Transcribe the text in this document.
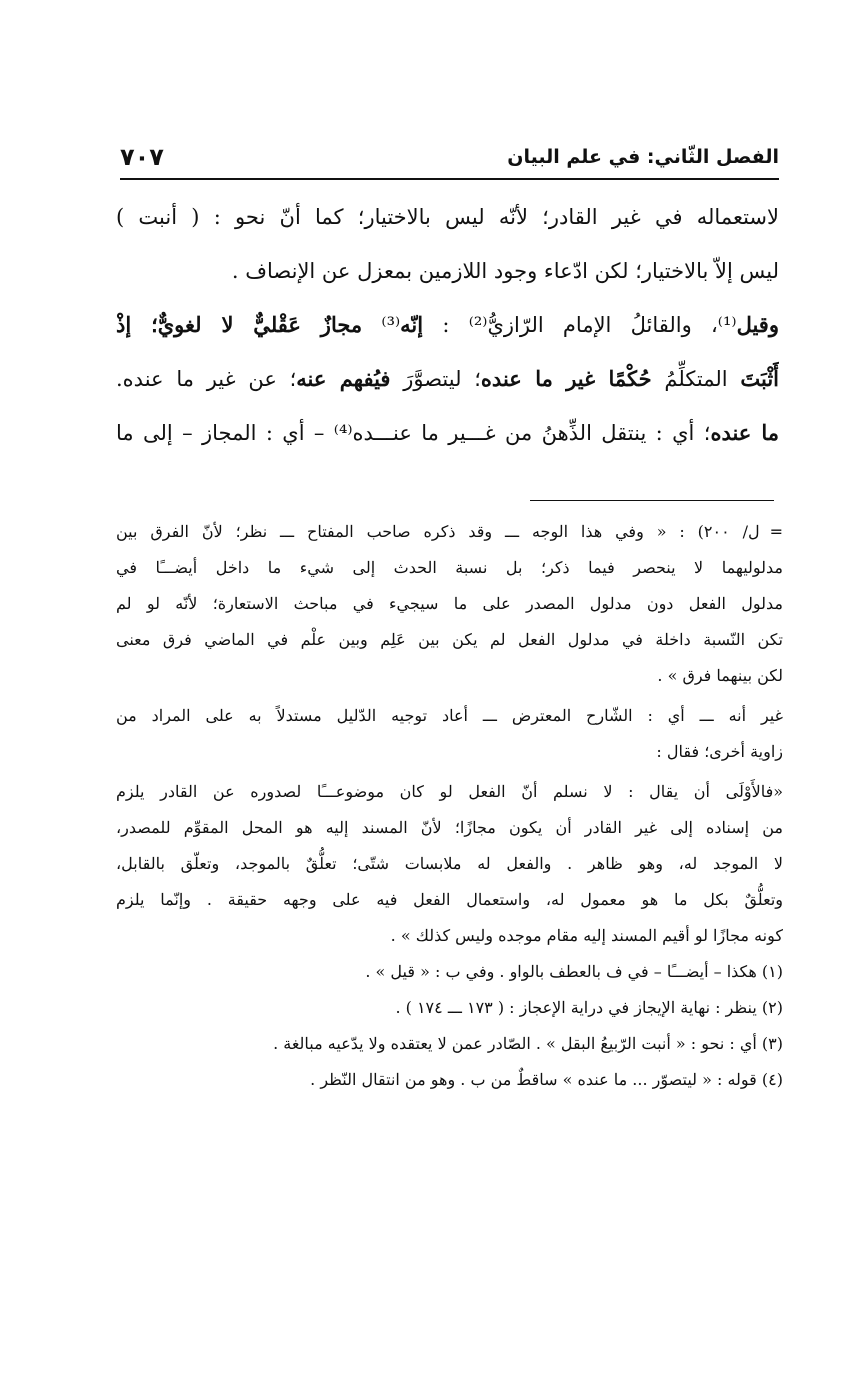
الفصل الثّاني: في علم البيان
٧٠٧

لاستعماله في غير القادر؛ لأنّه ليس بالاختيار؛ كما أنّ نحو : ( أنبت )

ليس إلاّ بالاختيار؛ لكن ادّعاء وجود اللازمين بمعزل عن الإنصاف .

وقيل⁽¹⁾، والقائلُ الإمام الرّازيُّ⁽²⁾ : إنّه⁽³⁾ مجازٌ عَقْليٌّ لا لغويٌّ؛ إذْ

أَثْبَتَ المتكلِّمُ حُكْمًا غير ما عنده؛ ليتصوَّرَ فيُفهم عنه؛ عن غير ما عنده.

ما عنده؛ أي : ينتقل الذِّهنُ من غـــير ما عنـــده⁽⁴⁾ – أي : المجاز – إلى ما

=ل/ ٢٠٠) : « وفي هذا الوجه ـــ وقد ذكره صاحب المفتاح ـــ نظر؛ لأنّ الفرق بين

مدلوليهما لا ينحصر فيما ذكر؛ بل نسبة الحدث إلى شيء ما داخل أيضـــًا في

مدلول الفعل دون مدلول المصدر على ما سيجيء في مباحث الاستعارة؛ لأنّه لو لم

تكن النّسبة داخلة في مدلول الفعل لم يكن بين عَلِم وبين علْم في الماضي فرق معنى

لكن بينهما فرق » .

غير أنه ـــ أي : الشّارح المعترض ـــ أعاد توجيه الدّليل مستدلاً به على المراد من

زاوية أخرى؛ فقال :

«فالأَوْلَى أن يقال : لا نسلم أنّ الفعل لو كان موضوعـــًا لصدوره عن القادر يلزم

من إسناده إلى غير القادر أن يكون مجازًا؛ لأنّ المسند إليه هو المحل المقوِّم للمصدر،

لا الموجد له، وهو ظاهر . والفعل له ملابسات شتّى؛ تعلُّقٌ بالموجد، وتعلّق بالقابل،

وتعلُّقٌ بكل ما هو معمول له، واستعمال الفعل فيه على وجهه حقيقة . وإنّما يلزم

كونه مجازًا لو أقيم المسند إليه مقام موجده وليس كذلك » .

(١) هكذا – أيضـــًا – في ف بالعطف بالواو . وفي ب : « قيل » .

(٢) ينظر : نهاية الإيجاز في دراية الإعجاز : ( ١٧٣ ـــ ١٧٤ ) .

(٣) أي : نحو : « أنبت الرّبيعُ البقل » . الصّادر عمن لا يعتقده ولا يدّعيه مبالغة .

(٤) قوله : « ليتصوّر ... ما عنده » ساقطٌ من ب . وهو من انتقال النّظر .
